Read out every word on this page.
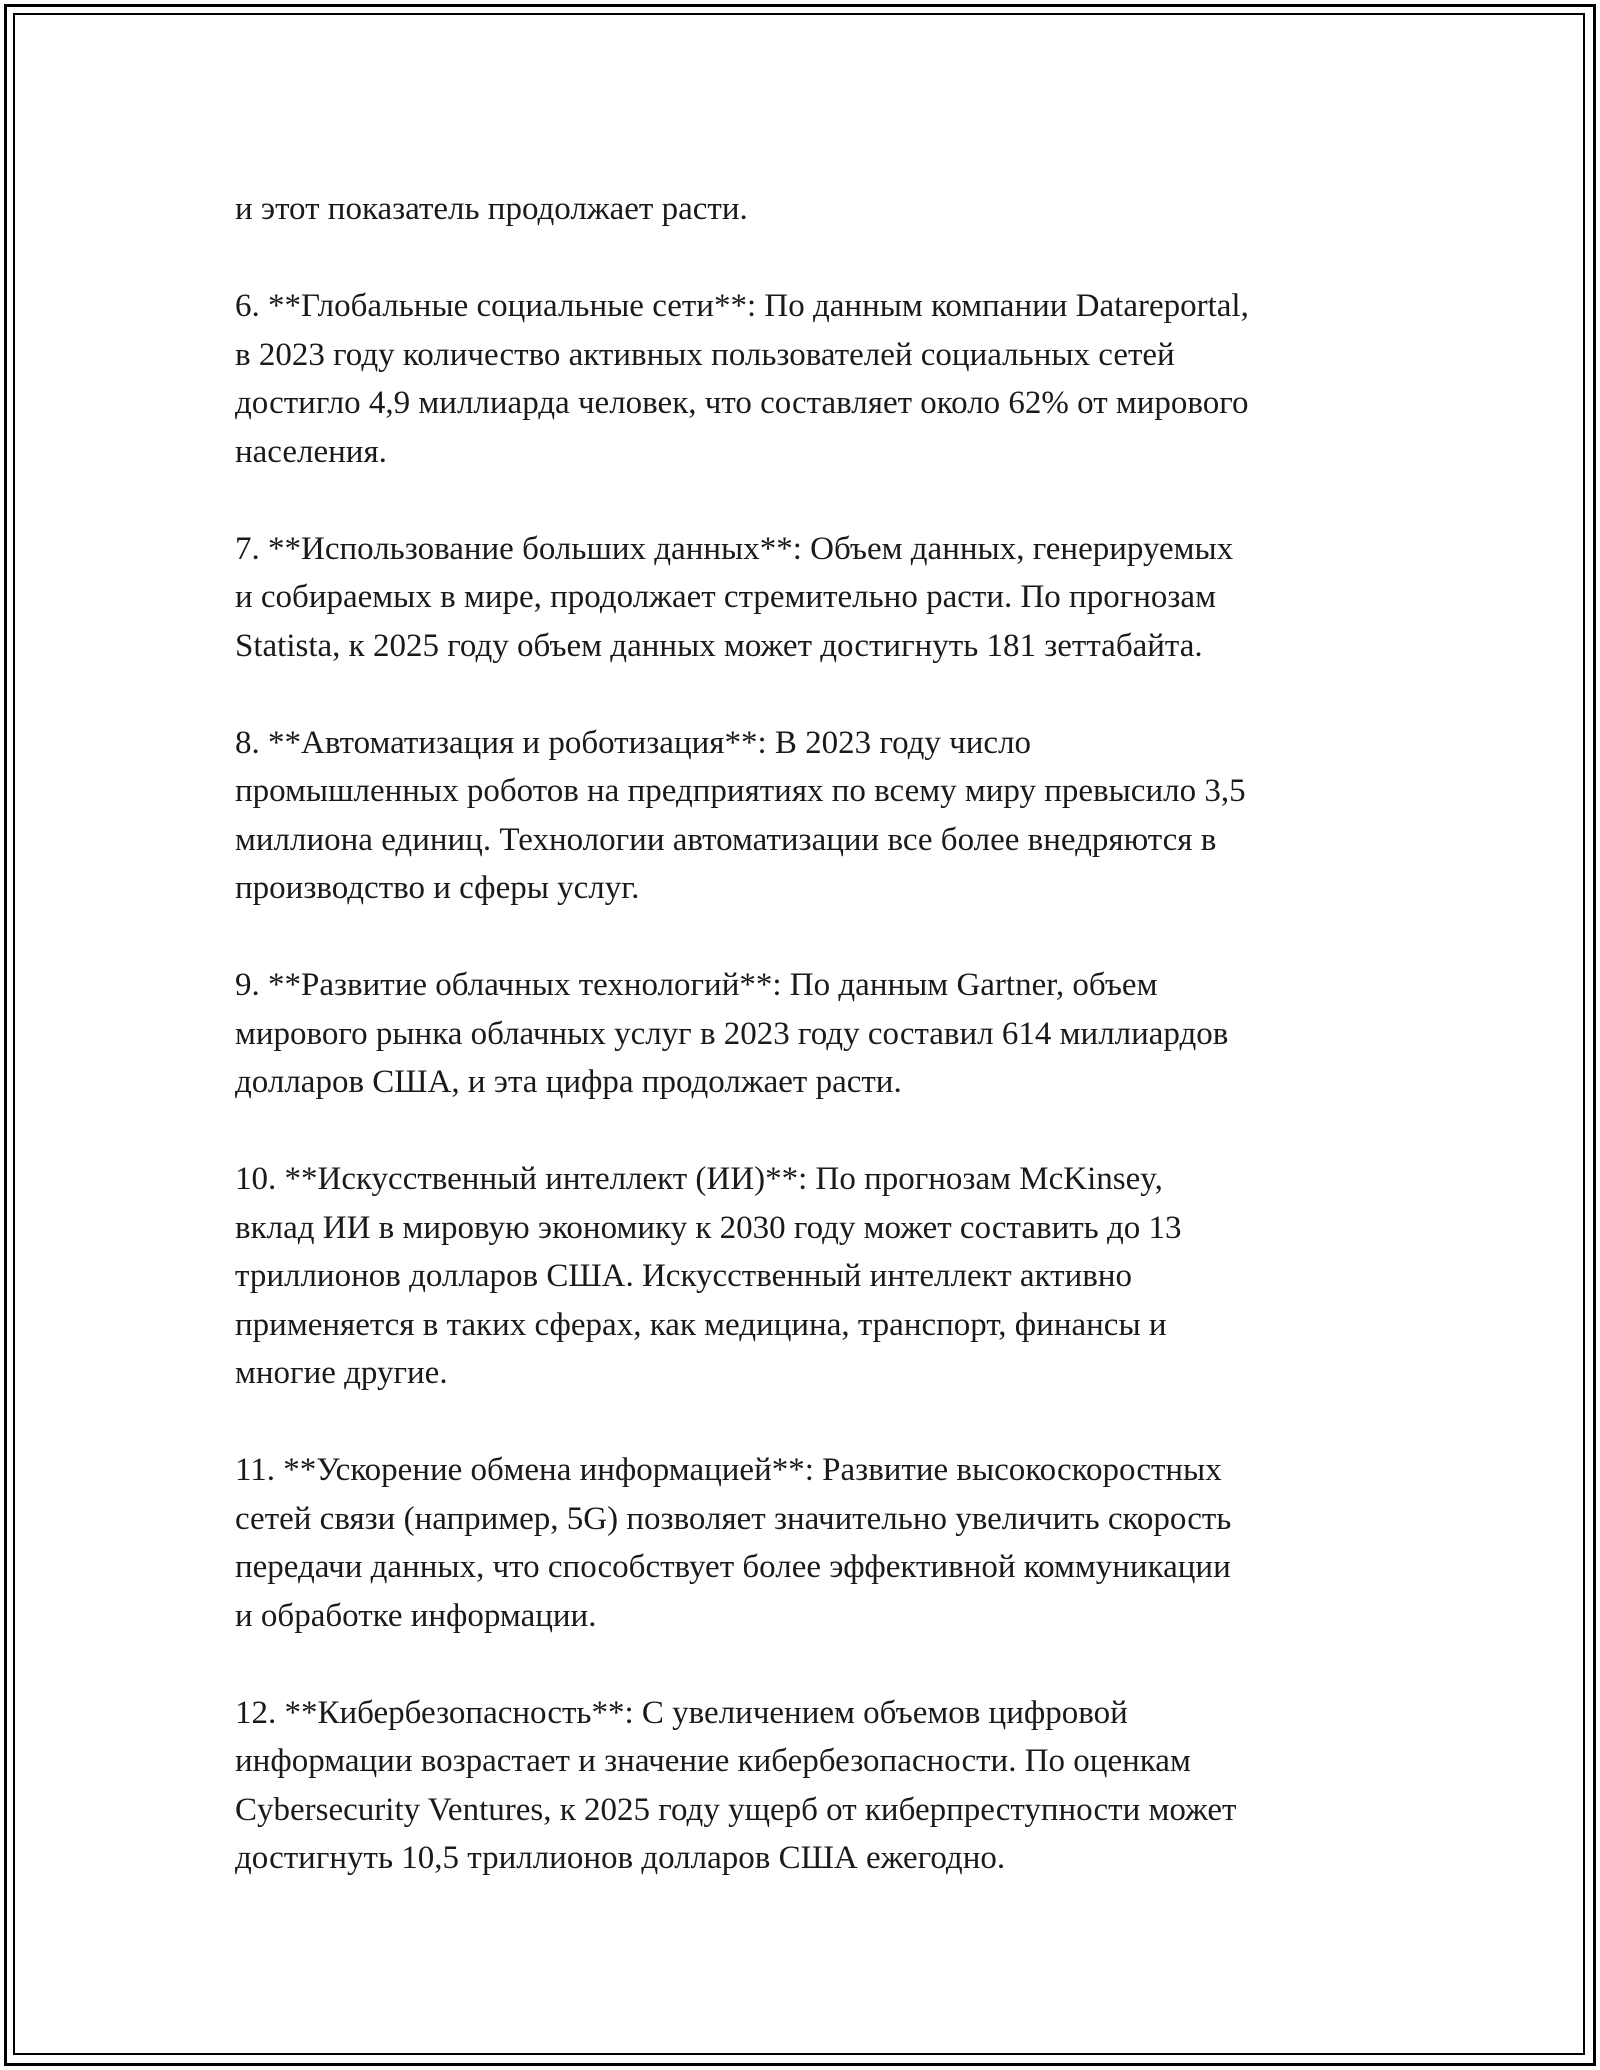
и этот показатель продолжает расти.

6. **Глобальные социальные сети**: По данным компании Datareportal,
в 2023 году количество активных пользователей социальных сетей
достигло 4,9 миллиарда человек, что составляет около 62% от мирового
населения.

7. **Использование больших данных**: Объем данных, генерируемых
и собираемых в мире, продолжает стремительно расти. По прогнозам
Statista, к 2025 году объем данных может достигнуть 181 зеттабайта.

8. **Автоматизация и роботизация**: В 2023 году число
промышленных роботов на предприятиях по всему миру превысило 3,5
миллиона единиц. Технологии автоматизации все более внедряются в
производство и сферы услуг.

9. **Развитие облачных технологий**: По данным Gartner, объем
мирового рынка облачных услуг в 2023 году составил 614 миллиардов
долларов США, и эта цифра продолжает расти.

10. **Искусственный интеллект (ИИ)**: По прогнозам McKinsey,
вклад ИИ в мировую экономику к 2030 году может составить до 13
триллионов долларов США. Искусственный интеллект активно
применяется в таких сферах, как медицина, транспорт, финансы и
многие другие.

11. **Ускорение обмена информацией**: Развитие высокоскоростных
сетей связи (например, 5G) позволяет значительно увеличить скорость
передачи данных, что способствует более эффективной коммуникации
и обработке информации.

12. **Кибербезопасность**: С увеличением объемов цифровой
информации возрастает и значение кибербезопасности. По оценкам
Cybersecurity Ventures, к 2025 году ущерб от киберпреступности может
достигнуть 10,5 триллионов долларов США ежегодно.
